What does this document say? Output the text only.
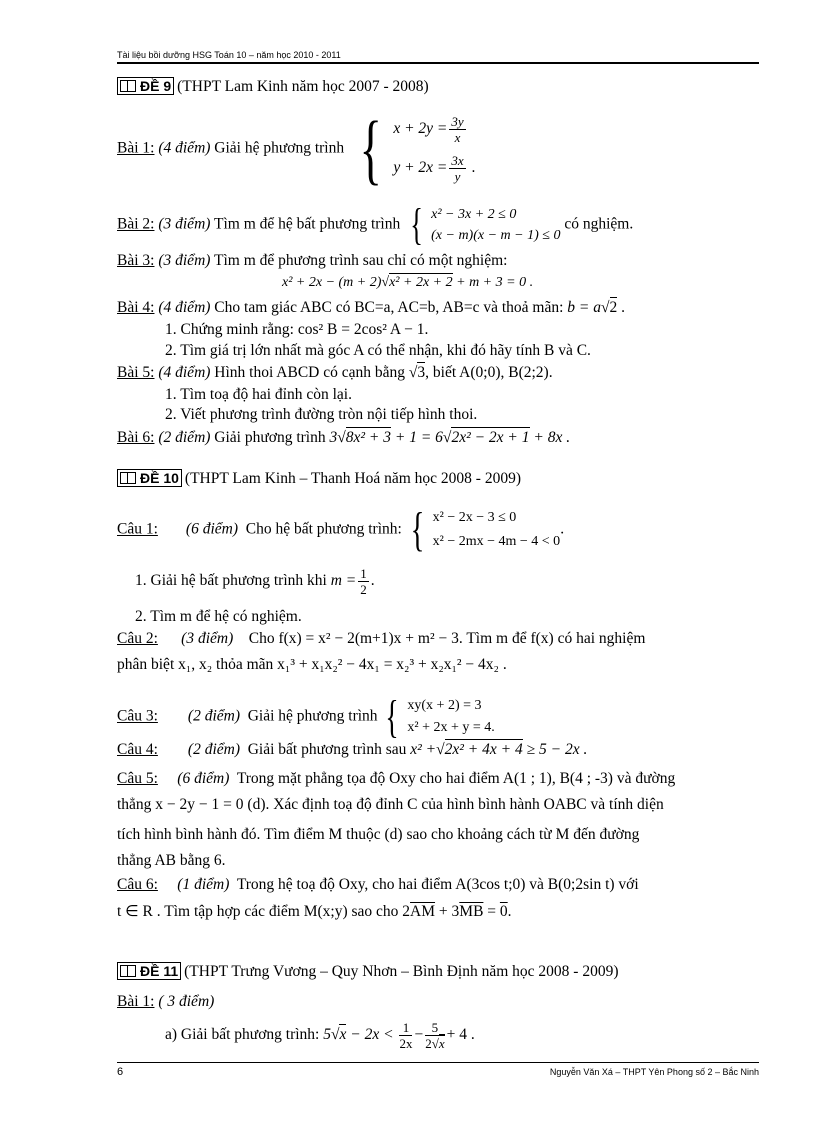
Tài liệu bồi dưỡng HSG Toán 10 – năm học 2010 - 2011
ĐỀ 9 (THPT Lam Kinh năm học 2007 - 2008)
Bài 1: (4 điểm) Giải hệ phương trình { $x + 2y = \frac{3y}{x}$
$y + 2x = \frac{3x}{y}$ .
Bài 2: (3 điểm) Tìm m để hệ bất phương trình { x² − 3x + 2 ≤ 0
(x − m)(x − m − 1) ≤ 0
có nghiệm.
Bài 3: (3 điểm) Tìm m để phương trình sau chỉ có một nghiệm:
x² + 2x − (m + 2)√x² + 2x + 2 + m + 3 = 0 .
Bài 4: (4 điểm) Cho tam giác ABC có BC=a, AC=b, AB=c và thoả mãn: b = a√2 .
1. Chứng minh rằng: cos² B = 2cos² A − 1.
2. Tìm giá trị lớn nhất mà góc A có thể nhận, khi đó hãy tính B và C.
Bài 5: (4 điểm) Hình thoi ABCD có cạnh bằng √3, biết A(0;0), B(2;2).
1. Tìm toạ độ hai đỉnh còn lại.
2. Viết phương trình đường tròn nội tiếp hình thoi.
Bài 6: (2 điểm) Giải phương trình 3√8x² + 3 + 1 = 6√2x² − 2x + 1 + 8x .
ĐỀ 10 (THPT Lam Kinh – Thanh Hoá năm học 2008 - 2009)
Câu 1: (6 điểm) Cho hệ bất phương trình: { x² − 2x − 3 ≤ 0
x² − 2mx − 4m − 4 < 0
.
1. Giải hệ bất phương trình khi $m = \frac{1}{2}$ .
2. Tìm m để hệ có nghiệm.
Câu 2: (3 điểm) Cho f(x) = x² − 2(m+1)x + m² − 3. Tìm m để f(x) có hai nghiệm
phân biệt x₁, x₂ thỏa mãn x₁³ + x₁x₂² − 4x₁ = x₂³ + x₂x₁² − 4x₂ .
Câu 3: (2 điểm) Giải hệ phương trình { xy(x + 2) = 3
x² + 2x + y = 4.
Câu 4: (2 điểm) Giải bất phương trình sau x² +√2x² + 4x + 4 ≥ 5 − 2x .
Câu 5: (6 điểm) Trong mặt phẳng tọa độ Oxy cho hai điểm A(1 ; 1), B(4 ; -3) và đường
thẳng x − 2y − 1 = 0 (d). Xác định toạ độ đỉnh C của hình bình hành OABC và tính diện
tích hình bình hành đó. Tìm điểm M thuộc (d) sao cho khoảng cách từ M đến đường
thẳng AB bằng 6.
Câu 6: (1 điểm) Trong hệ toạ độ Oxy, cho hai điểm A(3cos t;0) và B(0;2sin t) với
t ∈ R . Tìm tập hợp các điểm M(x;y) sao cho $2\overline{AM} + 3\overline{MB} = 0$.
ĐỀ 11 (THPT Trưng Vương – Quy Nhơn – Bình Định năm học 2008 - 2009)
Bài 1: ( 3 điểm)
a) Giải bất phương trình: $5√x - 2x < \frac{1}{2x} - \frac{5}{2√x} + 4$ .
6	Nguyễn Văn Xá – THPT Yên Phong số 2 – Bắc Ninh
